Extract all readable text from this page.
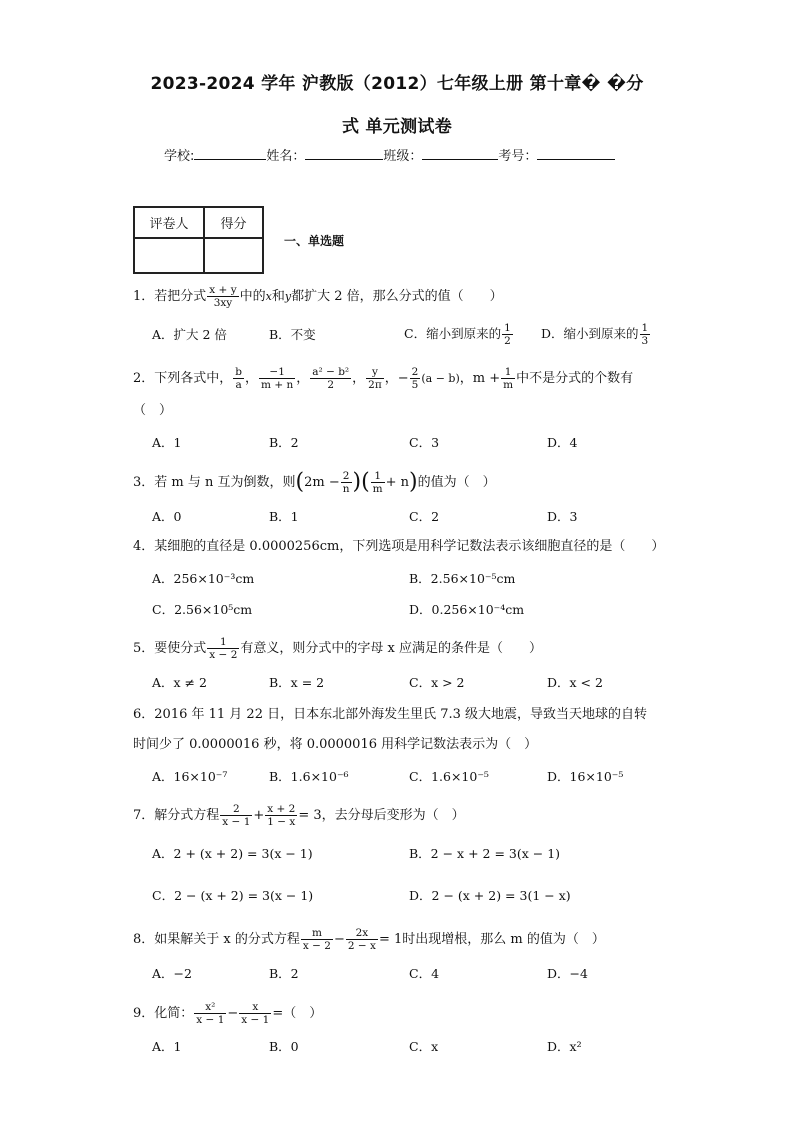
2023-2024 学年 沪教版（2012）七年级上册 第十章� �分
式 单元测试卷
学校:	姓名：	班级：	考号：
评卷人	得分

一、单选题
1．若把分式 $\frac{x + y}{3xy}$ 中的x和y都扩大 2 倍，那么分式的值（　　）
A．扩大 2 倍	B．不变	C．缩小到原来的 $\frac{1}{2}$ D．缩小到原来的 $\frac{1}{3}$
2．下列各式中， $\frac{b}{a}$ ， $\frac{-1}{m + n}$ ， $\frac{\text{a² − b²}}{2}$ ， $\frac{y}{2\pi}$ ，− $\frac{2}{5} (a - b)$，$m + \frac{1}{m}$ 中不是分式的个数有
（　）
A．1	B．2	C．3	D．4
3．若 m 与 n 互为倒数，则($2m - \frac{2}{n}$ )( $\frac{1}{m} + n$)的值为（　）
A．0	B．1	C．2	D．3
4．某细胞的直径是 0.0000256cm，下列选项是用科学记数法表示该细胞直径的是（　　）
A．256×10⁻³cm	B．2.56×10⁻⁵cm
C．2.56×10⁵cm	D．0.256×10⁻⁴cm
5．要使分式 $\frac{1}{x - 2}$ 有意义，则分式中的字母 x 应满足的条件是（　　）
A．x ≠ 2	B．x = 2	C．x > 2	D．x < 2
6．2016 年 11 月 22 日，日本东北部外海发生里氏 7.3 级大地震，导致当天地球的自转
时间少了 0.0000016 秒，将 0.0000016 用科学记数法表示为（　）
A．16×10⁻⁷	B．1.6×10⁻⁶	C．1.6×10⁻⁵	D．16×10⁻⁵
7．解分式方程 $\frac{2}{x - 1} + \frac{x + 2}{1 - x} = 3$，去分母后变形为（　）
A．2 + (x + 2) = 3(x − 1)	B．2 − x + 2 = 3(x − 1)
C．2 − (x + 2) = 3(x − 1)	D．2 − (x + 2) = 3(1 − x)
8．如果解关于 x 的分式方程 $\frac{m}{x - 2} - \frac{2x}{2 - x} = 1$时出现增根，那么 m 的值为（　）
A．−2	B．2	C．4	D．−4
9．化简： $\frac{\text{x²}}{x - 1} - \frac{x}{x - 1}$ =（　）
A．1	B．0	C．x	D．x²
